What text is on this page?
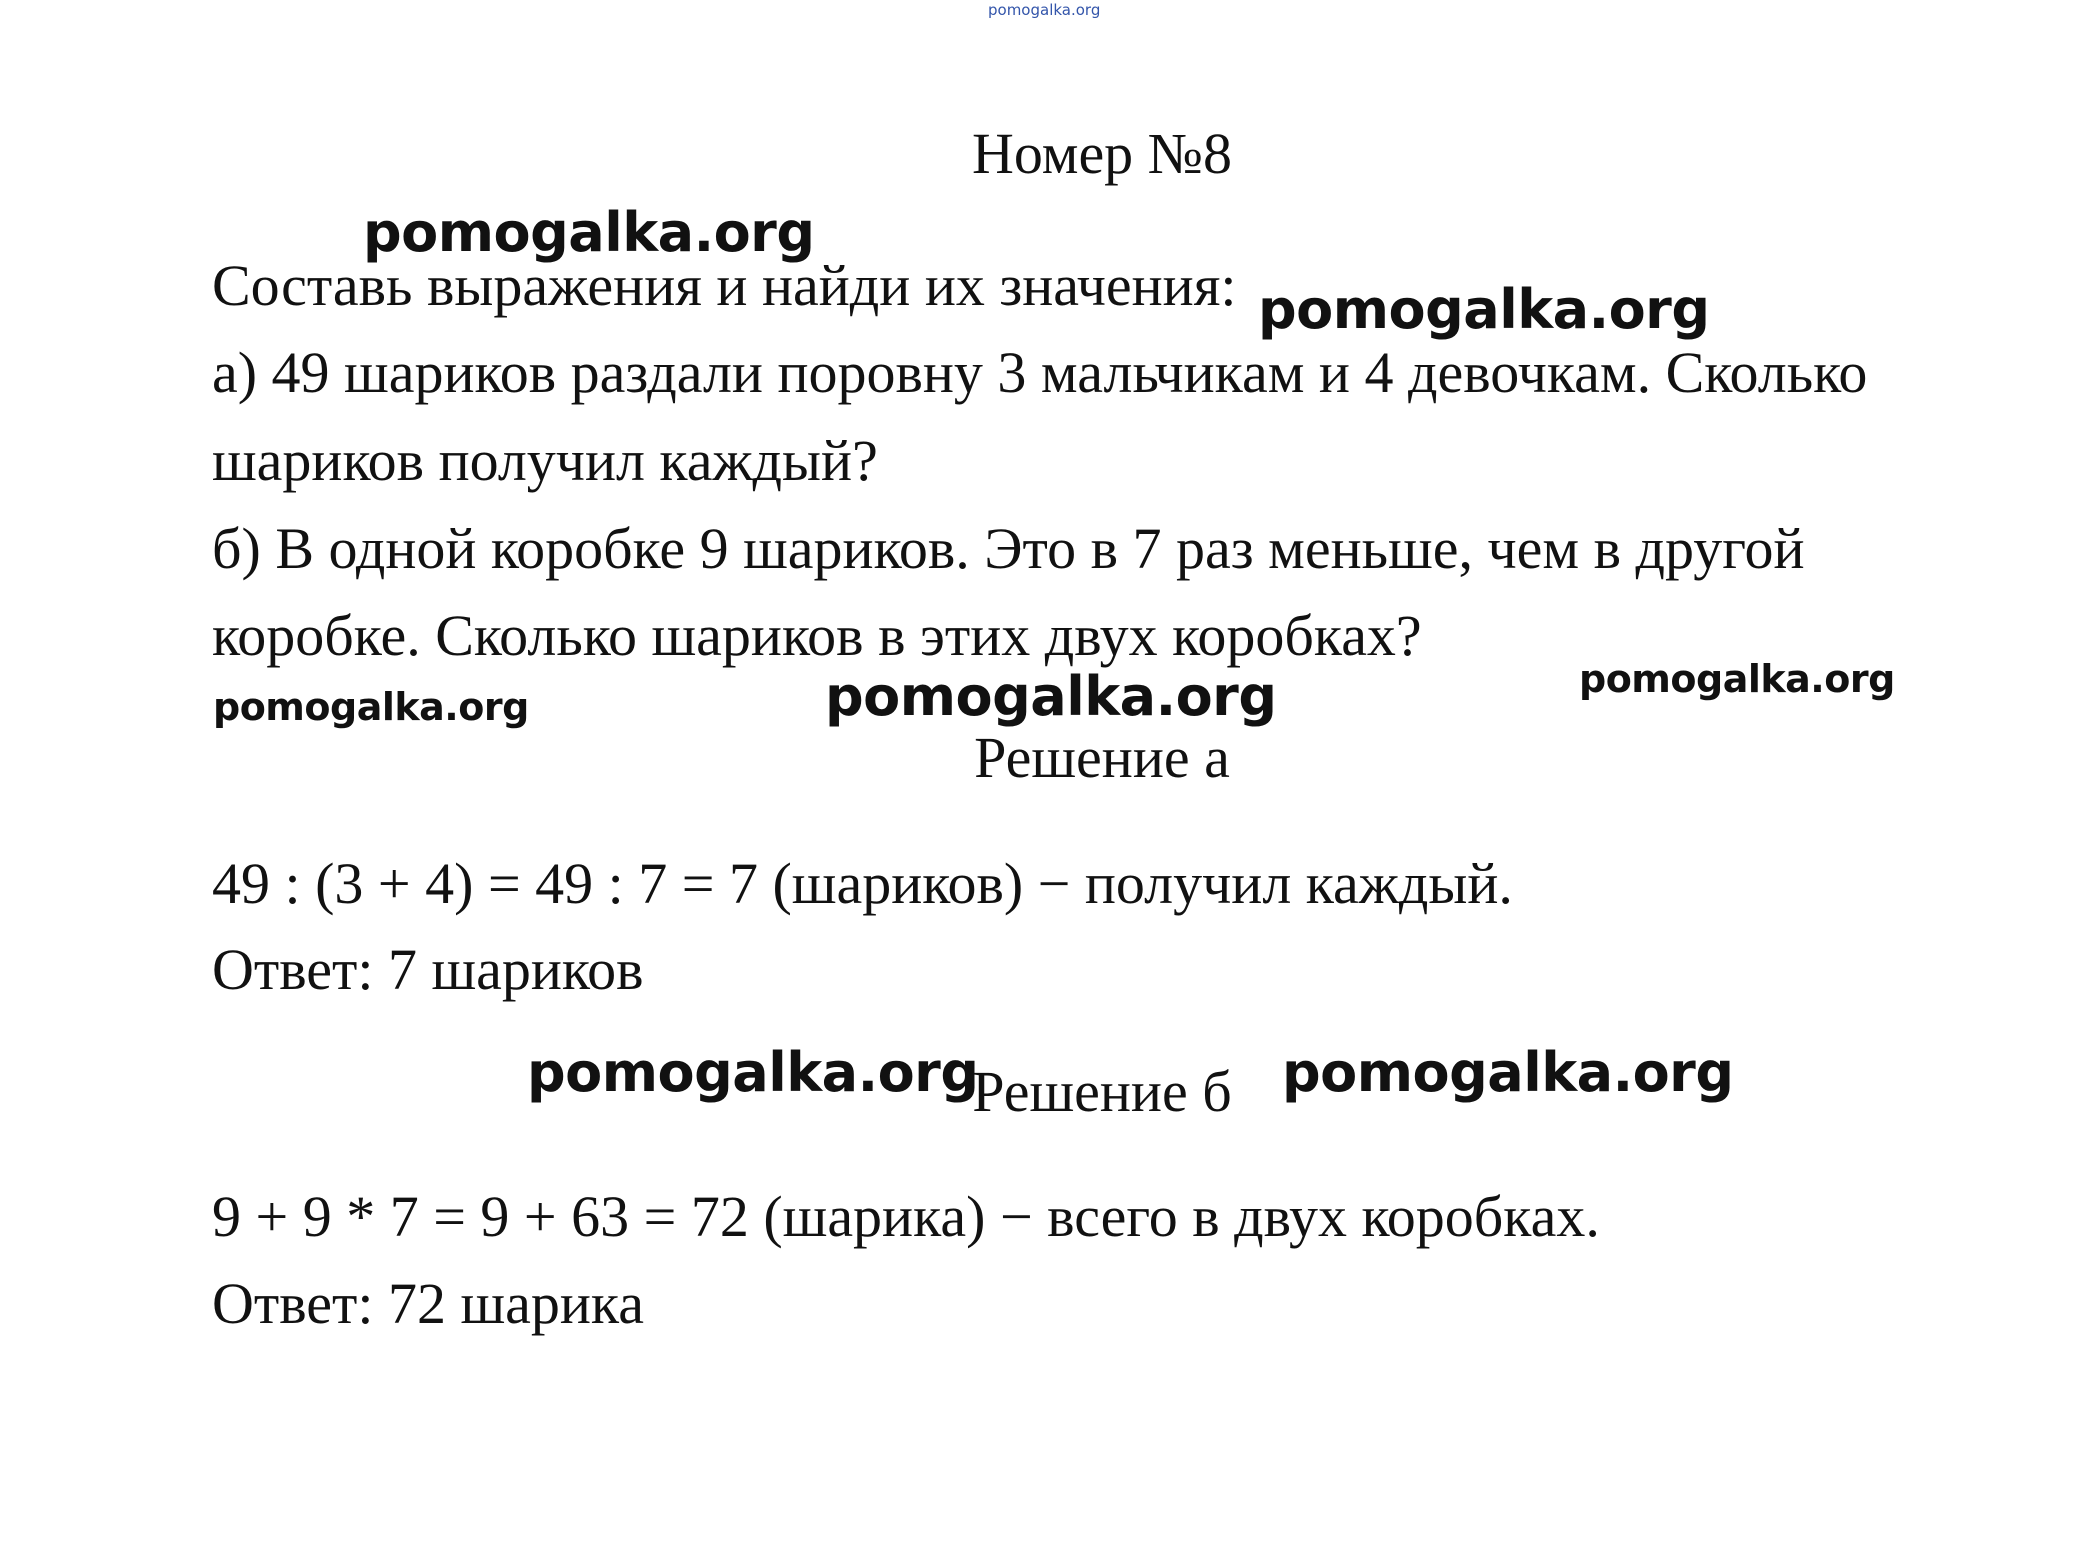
pomogalka.org
Номер №8
pomogalka.org
Составь выражения и найди их значения: pomogalka.org
а) 49 шариков раздали поровну 3 мальчикам и 4 девочкам. Сколько
шариков получил каждый?
б) В одной коробке 9 шариков. Это в 7 раз меньше, чем в другой
коробке. Сколько шариков в этих двух коробках?
pomogalka.org	pomogalka.org	pomogalka.org
Решение а
49 : (3 + 4) = 49 : 7 = 7 (шариков) − получил каждый.
Ответ: 7 шариков
pomogalka.org
Решение б pomogalka.org
9 + 9 * 7 = 9 + 63 = 72 (шарика) − всего в двух коробках.
Ответ: 72 шарика
